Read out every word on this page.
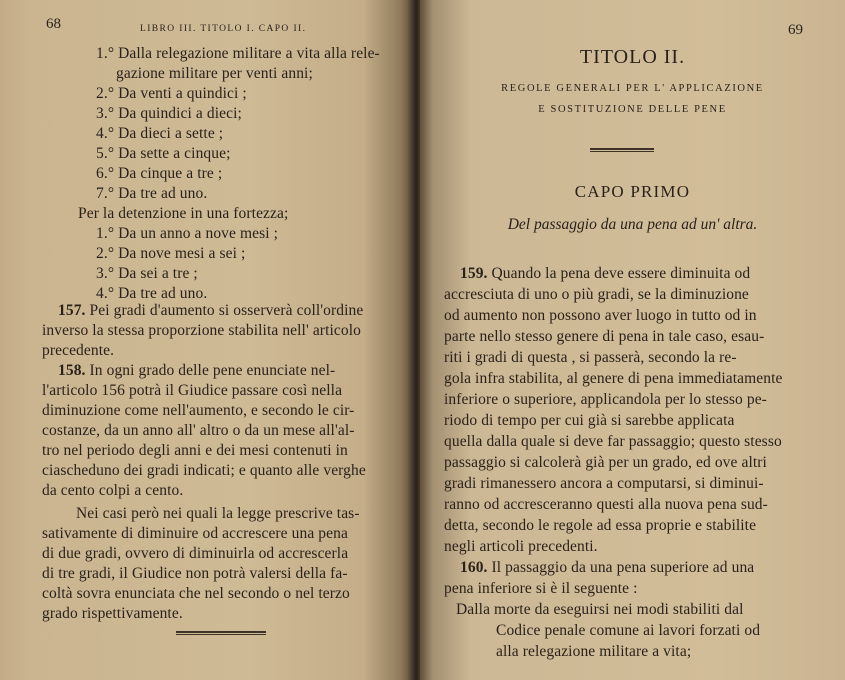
68	LIBRO III. TITOLO I. CAPO II.
1.° Dalla relegazione militare a vita alla rele-
gazione militare per venti anni;
2.° Da venti a quindici ;
3.° Da quindici a dieci;
4.° Da dieci a sette ;
5.° Da sette a cinque;
6.° Da cinque a tre ;
7.° Da tre ad uno.
Per la detenzione in una fortezza;
1.° Da un anno a nove mesi ;
2.° Da nove mesi a sei ;
3.° Da sei a tre ;
4.° Da tre ad uno.
157. Pei gradi d'aumento si osserverà coll'ordine
inverso la stessa proporzione stabilita nell' articolo
precedente.
158. In ogni grado delle pene enunciate nel-
l'articolo 156 potrà il Giudice passare così nella
diminuzione come nell'aumento, e secondo le cir-
costanze, da un anno all' altro o da un mese all'al-
tro nel periodo degli anni e dei mesi contenuti in
ciascheduno dei gradi indicati; e quanto alle verghe
da cento colpi a cento.
Nei casi però nei quali la legge prescrive tas-
sativamente di diminuire od accrescere una pena
di due gradi, ovvero di diminuirla od accrescerla
di tre gradi, il Giudice non potrà valersi della fa-
coltà sovra enunciata che nel secondo o nel terzo
grado rispettivamente.
69
TITOLO II.
REGOLE GENERALI PER L' APPLICAZIONE
E SOSTITUZIONE DELLE PENE
CAPO PRIMO
Del passaggio da una pena ad un' altra.
159. Quando la pena deve essere diminuita od
accresciuta di uno o più gradi, se la diminuzione
od aumento non possono aver luogo in tutto od in
parte nello stesso genere di pena in tale caso, esau-
riti i gradi di questa , si passerà, secondo la re-
gola infra stabilita, al genere di pena immediatamente
inferiore o superiore, applicandola per lo stesso pe-
riodo di tempo per cui già si sarebbe applicata
quella dalla quale si deve far passaggio; questo stesso
passaggio si calcolerà già per un grado, ed ove altri
gradi rimanessero ancora a computarsi, si diminui-
ranno od accresceranno questi alla nuova pena sud-
detta, secondo le regole ad essa proprie e stabilite
negli articoli precedenti.
160. Il passaggio da una pena superiore ad una
pena inferiore si è il seguente :
Dalla morte da eseguirsi nei modi stabiliti dal
Codice penale comune ai lavori forzati od
alla relegazione militare a vita;
